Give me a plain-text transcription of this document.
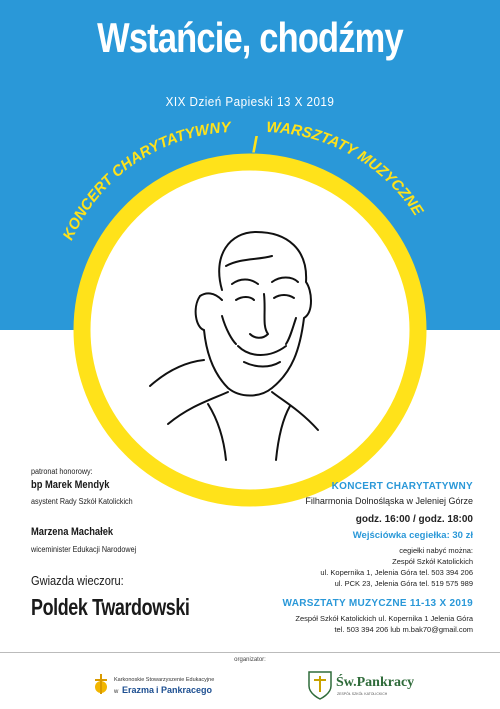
Wstańcie, chodźmy
XIX Dzień Papieski 13 X 2019
KONCERT CHARYTATYWNY
/
WARSZTATY MUZYCZNE
patronat honorowy:
bp Marek Mendyk
asystent Rady Szkół Katolickich
Marzena Machałek
wiceminister Edukacji Narodowej
Gwiazda wieczoru:
Poldek Twardowski
KONCERT CHARYTATYWNY
Filharmonia Dolnośląska w Jeleniej Górze
godz. 16:00 / godz. 18:00
Wejściówka cegiełka: 30 zł
cegiełki nabyć można:
Zespół Szkół Katolickich
ul. Kopernika 1, Jelenia Góra tel. 503 394 206
ul. PCK 23, Jelenia Góra tel. 519 575 989
WARSZTATY MUZYCZNE 11-13 X 2019
Zespół Szkół Katolickich ul. Kopernika 1 Jelenia Góra
tel. 503 394 206 lub m.bak70@gmail.com
organizator:
Karkonoskie Stowarzyszenie Edukacyjne
w Erazma i Pankracego	Św.Pankracy
ZESPÓŁ SZKÓŁ KATOLICKICH
